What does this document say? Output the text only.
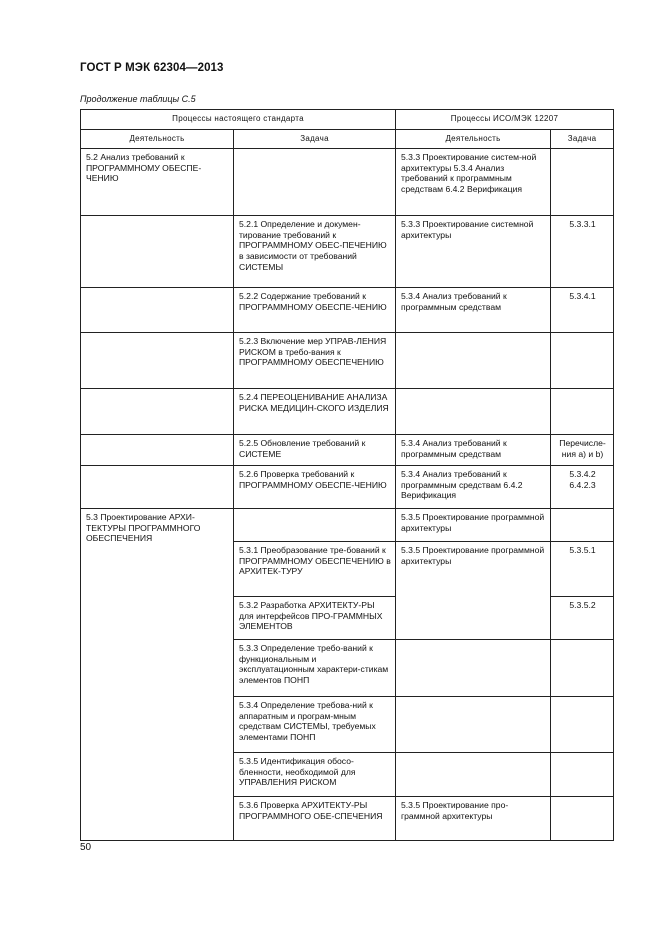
ГОСТ Р МЭК 62304—2013
Продолжение таблицы С.5
Процессы настоящего стандарта		Процессы ИСО/МЭК 12207	
Деятельность	Задача	Деятельность	Задача
5.2 Анализ требований к ПРОГРАММНОМУ ОБЕСПЕ-ЧЕНИЮ		5.3.3 Проектирование систем-ной архитектуры 5.3.4 Анализ требований к программным средствам 6.4.2 Верификация	
	5.2.1 Определение и докумен-тирование требований к ПРОГРАММНОМУ ОБЕС-ПЕЧЕНИЮ в зависимости от требований СИСТЕМЫ	5.3.3 Проектирование системной архитектуры	5.3.3.1
	5.2.2 Содержание требований к ПРОГРАММНОМУ ОБЕСПЕ-ЧЕНИЮ	5.3.4 Анализ требований к программным средствам	5.3.4.1
	5.2.3 Включение мер УПРАВ-ЛЕНИЯ РИСКОМ в требо-вания к ПРОГРАММНОМУ ОБЕСПЕЧЕНИЮ		
	5.2.4 ПЕРЕОЦЕНИВАНИЕ АНАЛИЗА РИСКА МЕДИЦИН-СКОГО ИЗДЕЛИЯ		
	5.2.5 Обновление требований к СИСТЕМЕ	5.3.4 Анализ требований к программным средствам	Перечисле-ния а) и b)
	5.2.6 Проверка требований к ПРОГРАММНОМУ ОБЕСПЕ-ЧЕНИЮ	5.3.4 Анализ требований к программным средствам 6.4.2 Верификация	5.3.4.2 6.4.2.3
5.3 Проектирование АРХИ-ТЕКТУРЫ ПРОГРАММНОГО ОБЕСПЕЧЕНИЯ		5.3.5 Проектирование программной архитектуры	
	5.3.1 Преобразование тре-бований к ПРОГРАММНОМУ ОБЕСПЕЧЕНИЮ в АРХИТЕК-ТУРУ	5.3.5 Проектирование программной архитектуры	5.3.5.1
	5.3.2 Разработка АРХИТЕКТУ-РЫ для интерфейсов ПРО-ГРАММНЫХ ЭЛЕМЕНТОВ		5.3.5.2
	5.3.3 Определение требо-ваний к функциональным и эксплуатационным характери-стикам элементов ПОНП		
	5.3.4 Определение требова-ний к аппаратным и програм-мным средствам СИСТЕМЫ, требуемых элементами ПОНП		
	5.3.5 Идентификация обосо-бленности, необходимой для УПРАВЛЕНИЯ РИСКОМ		
	5.3.6 Проверка АРХИТЕКТУ-РЫ ПРОГРАММНОГО ОБЕ-СПЕЧЕНИЯ	5.3.5 Проектирование про-граммной архитектуры	
50
